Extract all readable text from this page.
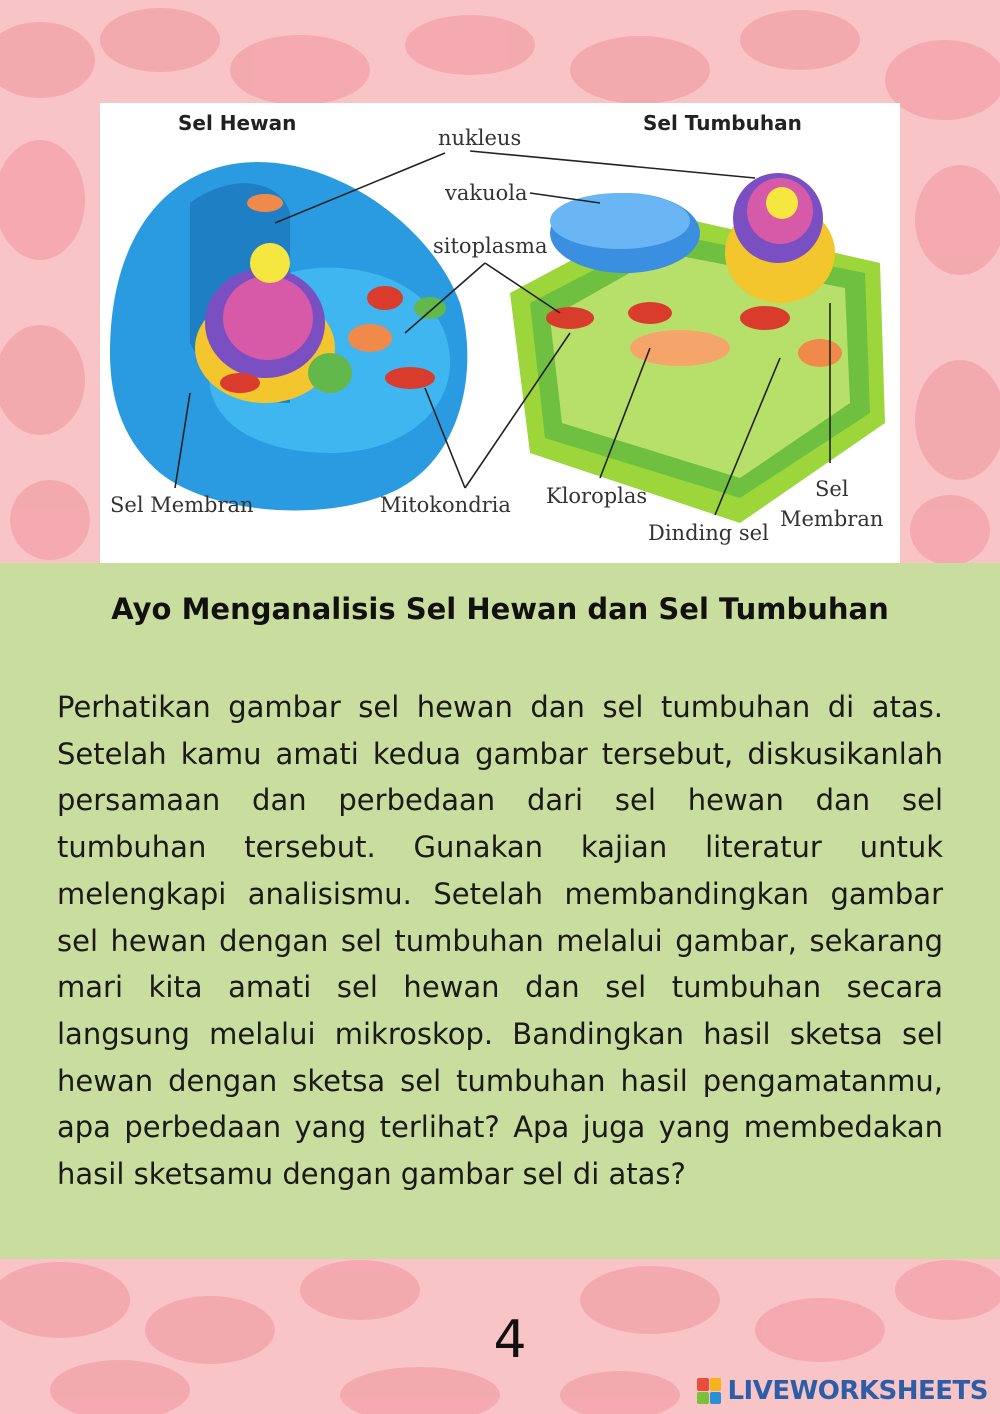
Sel Hewan	Sel Tumbuhan
nukleus
vakuola
sitoplasma
Sel Membran	Mitokondria Kloroplas
Dinding sel
Sel
Membran
Ayo Menganalisis Sel Hewan dan Sel Tumbuhan
Perhatikan gambar sel hewan dan sel tumbuhan di atas. Setelah kamu amati kedua gambar tersebut, diskusikanlah persamaan dan perbedaan dari sel hewan dan sel tumbuhan tersebut. Gunakan kajian literatur untuk melengkapi analisismu. Setelah membandingkan gambar sel hewan dengan sel tumbuhan melalui gambar, sekarang mari kita amati sel hewan dan sel tumbuhan secara langsung melalui mikroskop. Bandingkan hasil sketsa sel hewan dengan sketsa sel tumbuhan hasil pengamatanmu, apa perbedaan yang terlihat? Apa juga yang membedakan hasil sketsamu dengan gambar sel di atas?
4
LIVEWORKSHEETS
